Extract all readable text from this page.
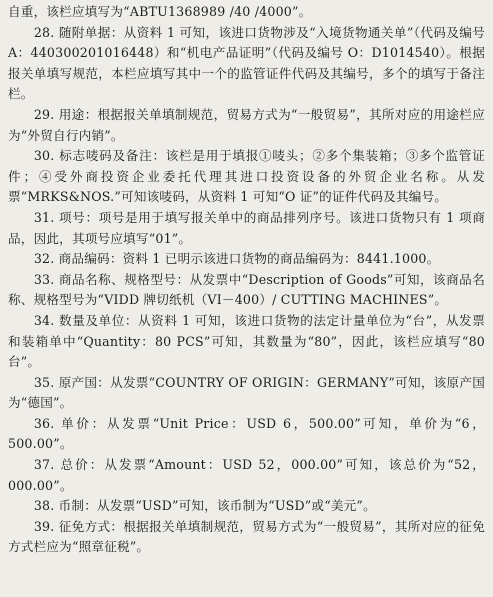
自重，该栏应填写为“ABTU1368989 /40 /4000”。

28. 随附单据：从资料 1 可知，该进口货物涉及“入境货物通关单”（代码及编号 A：440300201016448）和“机电产品证明”（代码及编号 O：D1014540）。根据报关单填写规范，本栏应填写其中一个的监管证件代码及其编号，多个的填写于备注栏。

29. 用途：根据报关单填制规范，贸易方式为“一般贸易”，其所对应的用途栏应为“外贸自行内销”。

30. 标志唛码及备注：该栏是用于填报①唛头；②多个集装箱；③多个监管证件；④受外商投资企业委托代理其进口投资设备的外贸企业名称。从发票“MRKS&NOS.”可知该唛码，从资料 1 可知“O 证”的证件代码及其编号。

31. 项号：项号是用于填写报关单中的商品排列序号。该进口货物只有 1 项商品，因此，其项号应填写“01”。

32. 商品编码：资料 1 已明示该进口货物的商品编码为：8441.1000。

33. 商品名称、规格型号：从发票中“Description of Goods”可知，该商品名称、规格型号为“VIDD 牌切纸机（VI－400）/ CUTTING MACHINES”。

34. 数量及单位：从资料 1 可知，该进口货物的法定计量单位为“台”，从发票和装箱单中“Quantity：80 PCS”可知，其数量为“80”，因此，该栏应填写“80 台”。

35. 原产国：从发票“COUNTRY OF ORIGIN：GERMANY”可知，该原产国为“德国”。

36. 单价：从发票“Unit Price：USD 6，500.00”可知，单价为“6，500.00”。

37. 总价：从发票“Amount：USD 52，000.00”可知，该总价为“52，000.00”。

38. 币制：从发票“USD”可知，该币制为“USD”或“美元”。

39. 征免方式：根据报关单填制规范，贸易方式为“一般贸易”，其所对应的征免方式栏应为“照章征税”。
